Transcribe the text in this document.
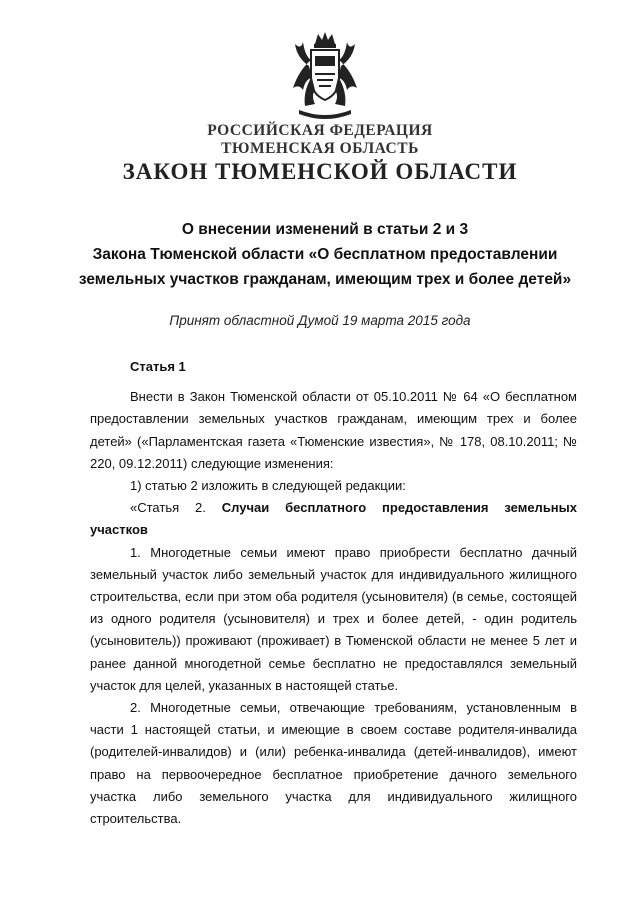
РОССИЙСКАЯ ФЕДЕРАЦИЯ
ТЮМЕНСКАЯ ОБЛАСТЬ
ЗАКОН ТЮМЕНСКОЙ ОБЛАСТИ
О внесении изменений в статьи 2 и 3
Закона Тюменской области «О бесплатном предоставлении
земельных участков гражданам, имеющим трех и более детей»
Принят областной Думой 19 марта 2015 года

Статья 1

Внести в Закон Тюменской области от 05.10.2011 № 64 «О бесплатном предоставлении земельных участков гражданам, имеющим трех и более детей» («Парламентская газета «Тюменские известия», № 178, 08.10.2011; № 220, 09.12.2011) следующие изменения:

1) статью 2 изложить в следующей редакции:

«Статья 2. Случаи бесплатного предоставления земельных участков

1. Многодетные семьи имеют право приобрести бесплатно дачный земельный участок либо земельный участок для индивидуального жилищного строительства, если при этом оба родителя (усыновителя) (в семье, состоящей из одного родителя (усыновителя) и трех и более детей, - один родитель (усыновитель)) проживают (проживает) в Тюменской области не менее 5 лет и ранее данной многодетной семье бесплатно не предоставлялся земельный участок для целей, указанных в настоящей статье.

2. Многодетные семьи, отвечающие требованиям, установленным в части 1 настоящей статьи, и имеющие в своем составе родителя-инвалида (родителей-инвалидов) и (или) ребенка-инвалида (детей-инвалидов), имеют право на первоочередное бесплатное приобретение дачного земельного участка либо земельного участка для индивидуального жилищного строительства.
